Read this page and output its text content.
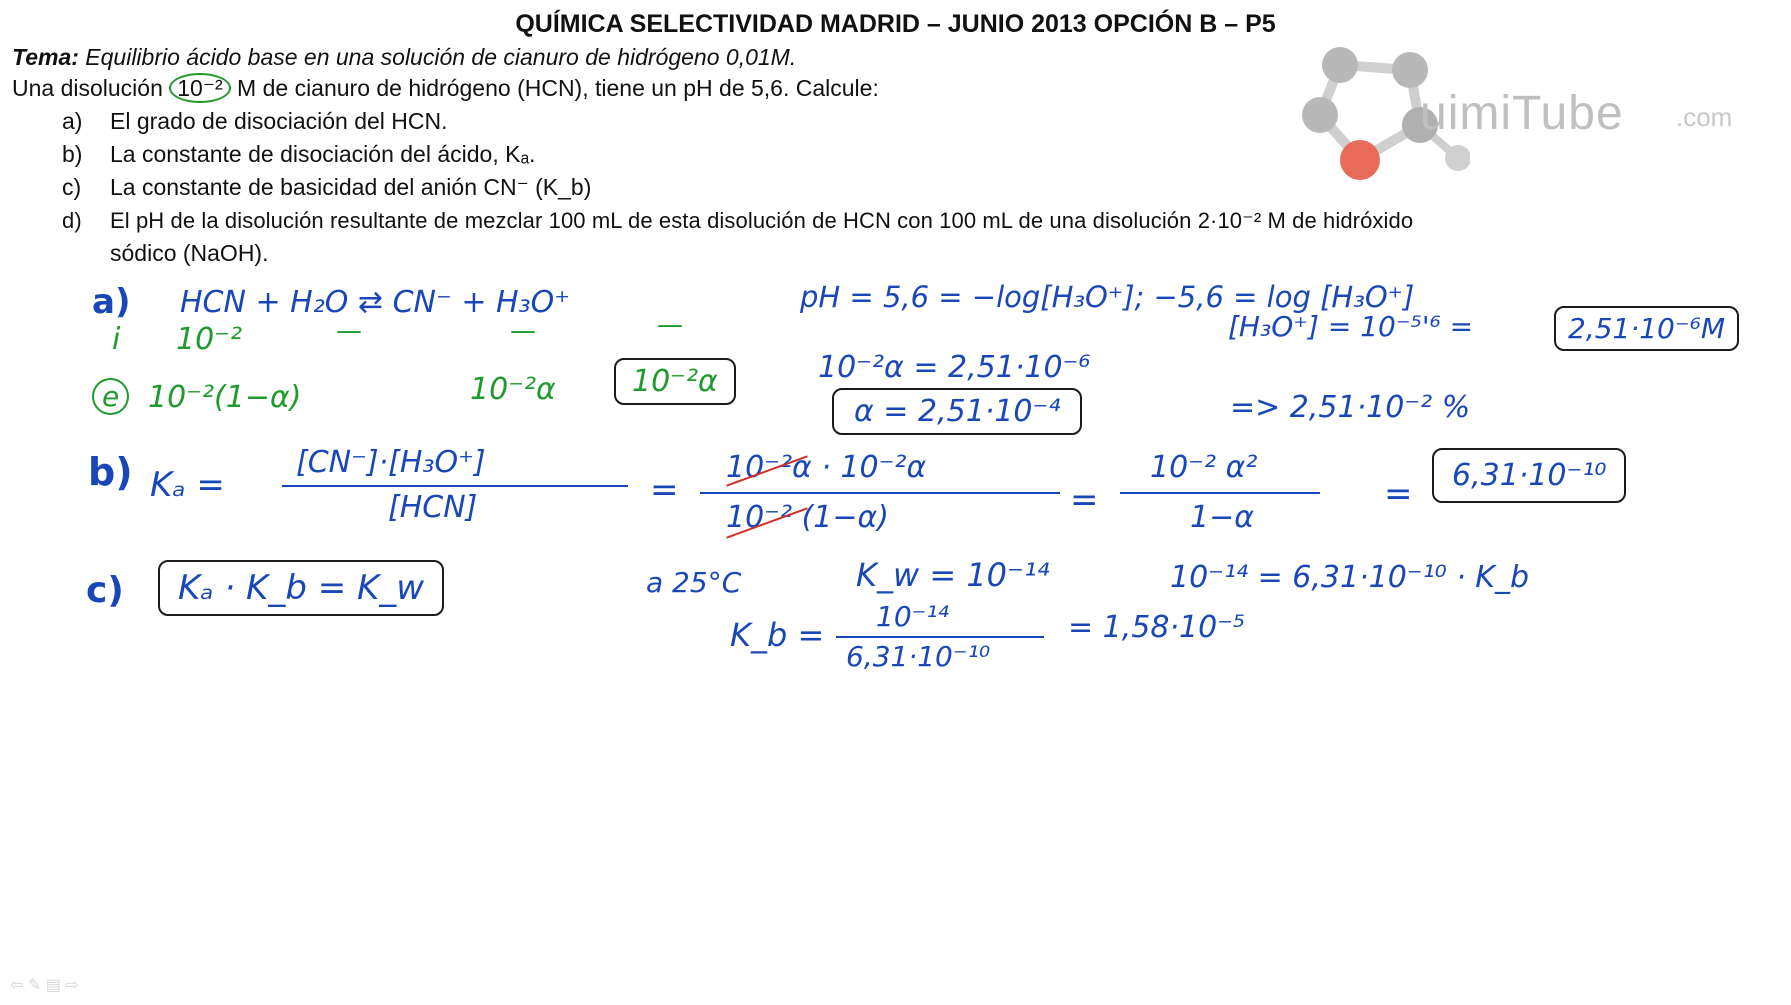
QUÍMICA SELECTIVIDAD MADRID – JUNIO 2013 OPCIÓN B – P5
Tema: Equilibrio ácido base en una solución de cianuro de hidrógeno 0,01M.
Una disolución 10⁻² M de cianuro de hidrógeno (HCN), tiene un pH de 5,6. Calcule:
a) El grado de disociación del HCN.
b) La constante de disociación del ácido, Kₐ.
c) La constante de basicidad del anión CN⁻ (K_b)
d) El pH de la disolución resultante de mezclar 100 mL de esta disolución de HCN con 100 mL de una disolución 2·10⁻² M de hidróxido
sódico (NaOH).
uimiTube .com
a) HCN + H₂O ⇄ CN⁻ + H₃O⁺
i 10⁻²	—	—	—
e 10⁻²(1−α)	10⁻²α	10⁻²α
pH = 5,6 = −log[H₃O⁺]; −5,6 = log [H₃O⁺]
[H₃O⁺] = 10⁻⁵'⁶ =	2,51·10⁻⁶M
10⁻²α = 2,51·10⁻⁶
α = 2,51·10⁻⁴	=> 2,51·10⁻² %
b) Kₐ =
[CN⁻]·[H₃O⁺]
[HCN]	=
10⁻²α · 10⁻²α
10⁻² (1−α)	=
10⁻² α²
1−α
=	6,31·10⁻¹⁰
c)	Kₐ · K_b = K_w	a 25°C	K_w = 10⁻¹⁴	10⁻¹⁴ = 6,31·10⁻¹⁰ · K_b
K_b = 10⁻¹⁴
6,31·10⁻¹⁰
= 1,58·10⁻⁵
⇦ ✎ ▤ ⇨
